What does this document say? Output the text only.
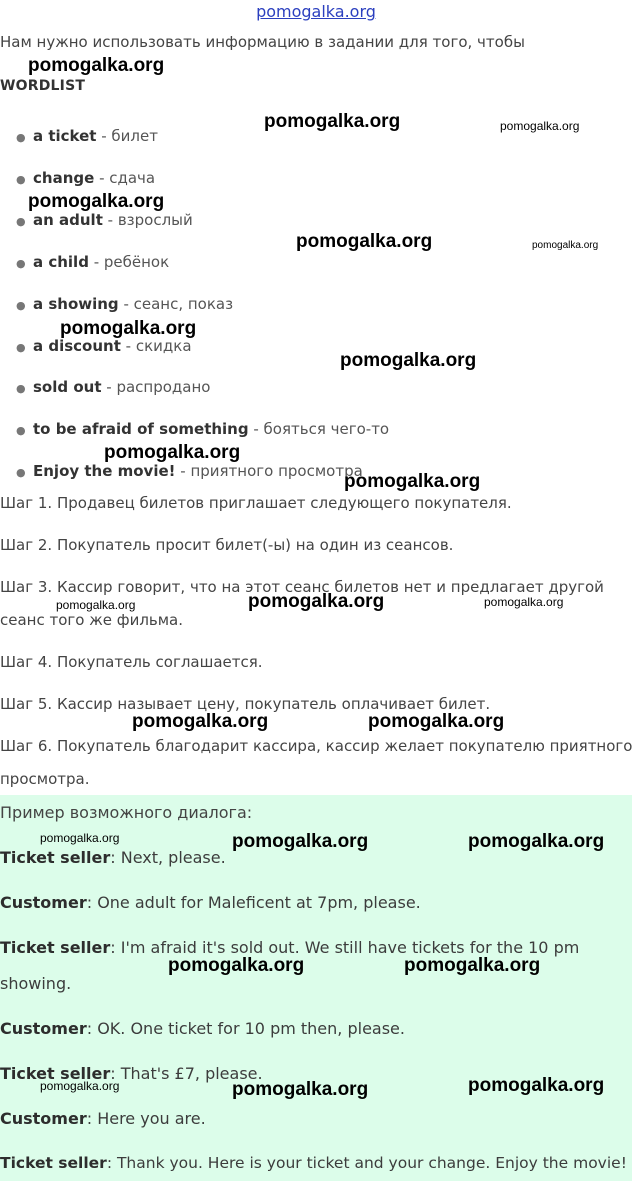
pomogalka.org
Нам нужно использовать информацию в задании для того, чтобы
WORDLIST
● a ticket - билет
● change - сдача
● an adult - взрослый
● a child - ребёнок
● a showing - сеанс, показ
● a discount - скидка
● sold out - распродано
● to be afraid of something - бояться чего-то
● Enjoy the movie! - приятного просмотра
Шаг 1. Продавец билетов приглашает следующего покупателя.
Шаг 2. Покупатель просит билет(-ы) на один из сеансов.
Шаг 3. Кассир говорит, что на этот сеанс билетов нет и предлагает другой
сеанс того же фильма.
Шаг 4. Покупатель соглашается.
Шаг 5. Кассир называет цену, покупатель оплачивает билет.
Шаг 6. Покупатель благодарит кассира, кассир желает покупателю приятного
просмотра.
Пример возможного диалога:
Ticket seller: Next, please.
Customer: One adult for Maleficent at 7pm, please.
Ticket seller: I'm afraid it's sold out. We still have tickets for the 10 pm
showing.
Customer: OK. One ticket for 10 pm then, please.
Ticket seller: That's £7, please.
Customer: Here you are.
Ticket seller: Thank you. Here is your ticket and your change. Enjoy the movie!
pomogalka.org
pomogalka.org	pomogalka.org
pomogalka.org
pomogalka.org	pomogalka.org
pomogalka.org
pomogalka.org
pomogalka.org
pomogalka.org
pomogalka.org	pomogalka.org	pomogalka.org
pomogalka.org	pomogalka.org
pomogalka.org	pomogalka.org	pomogalka.org
pomogalka.org	pomogalka.org
pomogalka.org	pomogalka.org	pomogalka.org
